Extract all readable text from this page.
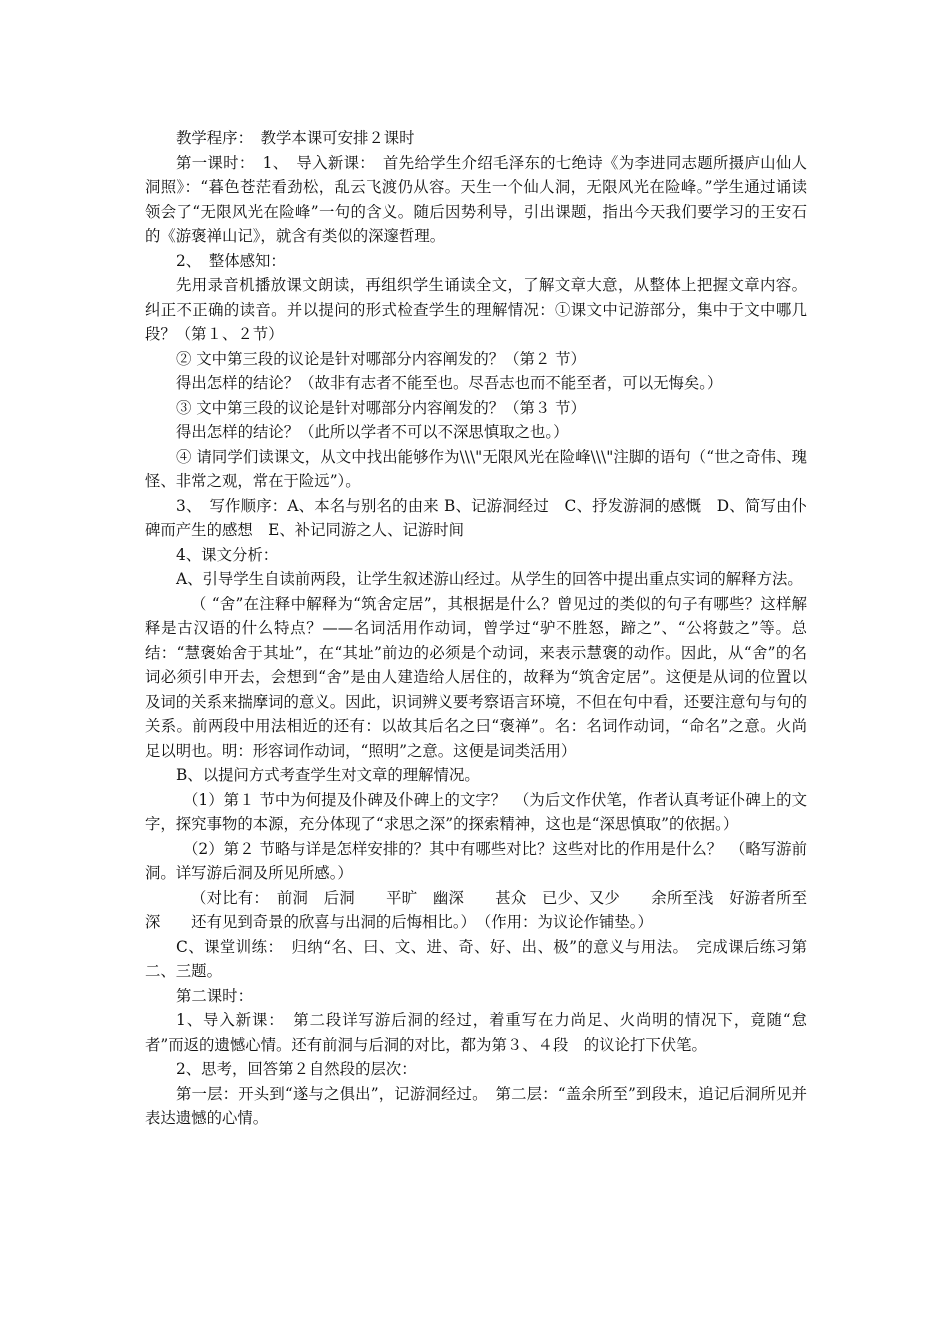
教学程序：　教学本课可安排２课时

第一课时：　1、　导入新课：　首先给学生介绍毛泽东的七绝诗《为李进同志题所摄庐山仙人洞照》：“暮色苍茫看劲松，乱云飞渡仍从容。天生一个仙人洞，无限风光在险峰。”学生通过诵读领会了“无限风光在险峰”一句的含义。随后因势利导，引出课题，指出今天我们要学习的王安石的《游褒禅山记》，就含有类似的深邃哲理。

2、　整体感知：

先用录音机播放课文朗读，再组织学生诵读全文，了解文章大意，从整体上把握文章内容。纠正不正确的读音。并以提问的形式检查学生的理解情况：①课文中记游部分，集中于文中哪几段？（第１、２节）

② 文中第三段的议论是针对哪部分内容阐发的？（第２ 节）

得出怎样的结论？（故非有志者不能至也。尽吾志也而不能至者，可以无悔矣。）

③ 文中第三段的议论是针对哪部分内容阐发的？（第３ 节）

得出怎样的结论？（此所以学者不可以不深思慎取之也。）

④ 请同学们读课文，从文中找出能够作为\\\"无限风光在险峰\\\"注脚的语句（“世之奇伟、瑰怪、非常之观，常在于险远”）。

3、　写作顺序：A、本名与别名的由来 B、记游洞经过　C、抒发游洞的感慨　D、简写由仆碑而产生的感想　E、补记同游之人、记游时间

4、课文分析：

A、引导学生自读前两段，让学生叙述游山经过。从学生的回答中提出重点实词的解释方法。

（ “舍”在注释中解释为“筑舍定居”，其根据是什么？曾见过的类似的句子有哪些？这样解释是古汉语的什么特点？——名词活用作动词，曾学过“驴不胜怒，蹄之”、“公将鼓之”等。总结：“慧褒始舍于其址”，在“其址”前边的必须是个动词，来表示慧褒的动作。因此，从“舍”的名词必须引申开去，会想到“舍”是由人建造给人居住的，故释为“筑舍定居”。这便是从词的位置以及词的关系来揣摩词的意义。因此，识词辨义要考察语言环境，不但在句中看，还要注意句与句的关系。前两段中用法相近的还有：以故其后名之曰“褒禅”。名：名词作动词，“命名”之意。火尚足以明也。明：形容词作动词，“照明”之意。这便是词类活用）

B、以提问方式考查学生对文章的理解情况。

（1）第１ 节中为何提及仆碑及仆碑上的文字？　（为后文作伏笔，作者认真考证仆碑上的文字，探究事物的本源，充分体现了“求思之深”的探索精神，这也是“深思慎取”的依据。）

（2）第２ 节略与详是怎样安排的？其中有哪些对比？这些对比的作用是什么？　（略写游前洞。详写游后洞及所见所感。）

（对比有：　前洞　后洞　　平旷　幽深　　甚众　已少、又少　　余所至浅　好游者所至深　　还有见到奇景的欣喜与出洞的后悔相比。）　（作用：为议论作铺垫。）

C、课堂训练：　归纳“名、曰、文、进、奇、好、出、极”的意义与用法。　完成课后练习第二、三题。

第二课时：

1、导入新课：　第二段详写游后洞的经过，着重写在力尚足、火尚明的情况下，竟随“怠者”而返的遗憾心情。还有前洞与后洞的对比，都为第３、４段　的议论打下伏笔。

2、思考，回答第２自然段的层次：

第一层：开头到“遂与之俱出”，记游洞经过。　第二层：“盖余所至”到段末，追记后洞所见并表达遗憾的心情。
